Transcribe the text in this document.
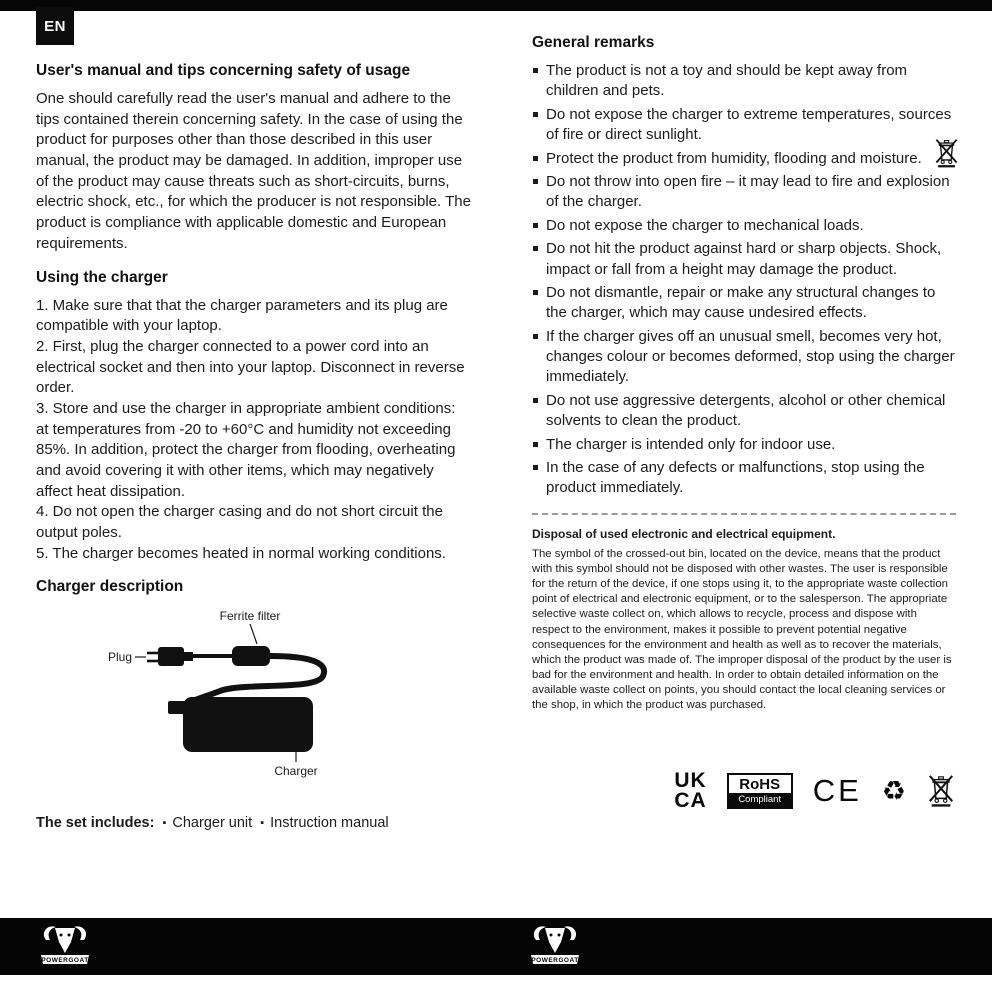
EN
User's manual and tips concerning safety of usage

One should carefully read the user's manual and adhere to the tips contained therein concerning safety. In the case of using the product for purposes other than those described in this user manual, the product may be damaged. In addition, improper use of the product may cause threats such as short-circuits, burns, electric shock, etc., for which the producer is not responsible. The product is compliance with applicable domestic and European requirements.

Using the charger

1. Make sure that that the charger parameters and its plug are compatible with your laptop.

2. First, plug the charger connected to a power cord into an electrical socket and then into your laptop. Disconnect in reverse order.

3. Store and use the charger in appropriate ambient conditions: at temperatures from -20 to +60°C and humidity not exceeding 85%. In addition, protect the charger from flooding, overheating and avoid covering it with other items, which may negatively affect heat dissipation.

4. Do not open the charger casing and do not short circuit the output poles.

5. The charger becomes heated in normal working conditions.

Charger description
Ferrite filter
Plug
Charger
The set includes: ▪ Charger unit ▪ Instruction manual
General remarks
The product is not a toy and should be kept away from children and pets.
Do not expose the charger to extreme temperatures, sources of fire or direct sunlight.
Protect the product from humidity, flooding and moisture.
Do not throw into open fire – it may lead to fire and explosion of the charger.
Do not expose the charger to mechanical loads.
Do not hit the product against hard or sharp objects. Shock, impact or fall from a height may damage the product.
Do not dismantle, repair or make any structural changes to the charger, which may cause undesired effects.
If the charger gives off an unusual smell, becomes very hot, changes colour or becomes deformed, stop using the charger immediately.
Do not use aggressive detergents, alcohol or other chemical solvents to clean the product.
The charger is intended only for indoor use.
In the case of any defects or malfunctions, stop using the product immediately.

Disposal of used electronic and electrical equipment.

The symbol of the crossed-out bin, located on the device, means that the product with this symbol should not be disposed with other wastes. The user is responsible for the return of the device, if one stops using it, to the appropriate waste collection point of electrical and electronic equipment, or to the salesperson. The appropriate selective waste collect on, which allows to recycle, process and dispose with respect to the environment, makes it possible to prevent potential negative consequences for the environment and health as well as to recover the materials, which the product was made of. The improper disposal of the product by the user is bad for the environment and health. In order to obtain detailed information on the available waste collect on points, you should contact the local cleaning services or the shop, in which the product was purchased.

UK
CA
RoHS
Compliant	CE ♻
POWERGOAT	POWERGOAT
